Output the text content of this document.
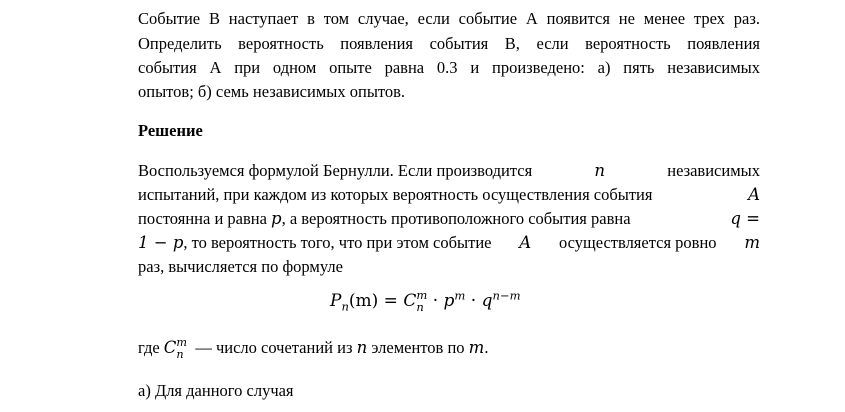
Событие В наступает в том случае, если событие А появится не менее трех раз.
Определить вероятность появления события В, если вероятность появления
события А при одном опыте равна 0.3 и произведено: а) пять независимых
опытов; б) семь независимых опытов.
Решение
Воспользуемся формулой Бернулли. Если производится	n	независимых
испытаний, при каждом из которых вероятность осуществления события	A
постоянна и равна p, а вероятность противоположного события равна	q =
1 − p, то вероятность того, что при этом событие A осуществляется ровно m
раз, вычисляется по формуле
$P_n(m) = C$ m
$n \cdot p^m \cdot q^{n-m}$
где C m
n — число сочетаний из n элементов по m.
а) Для данного случая
